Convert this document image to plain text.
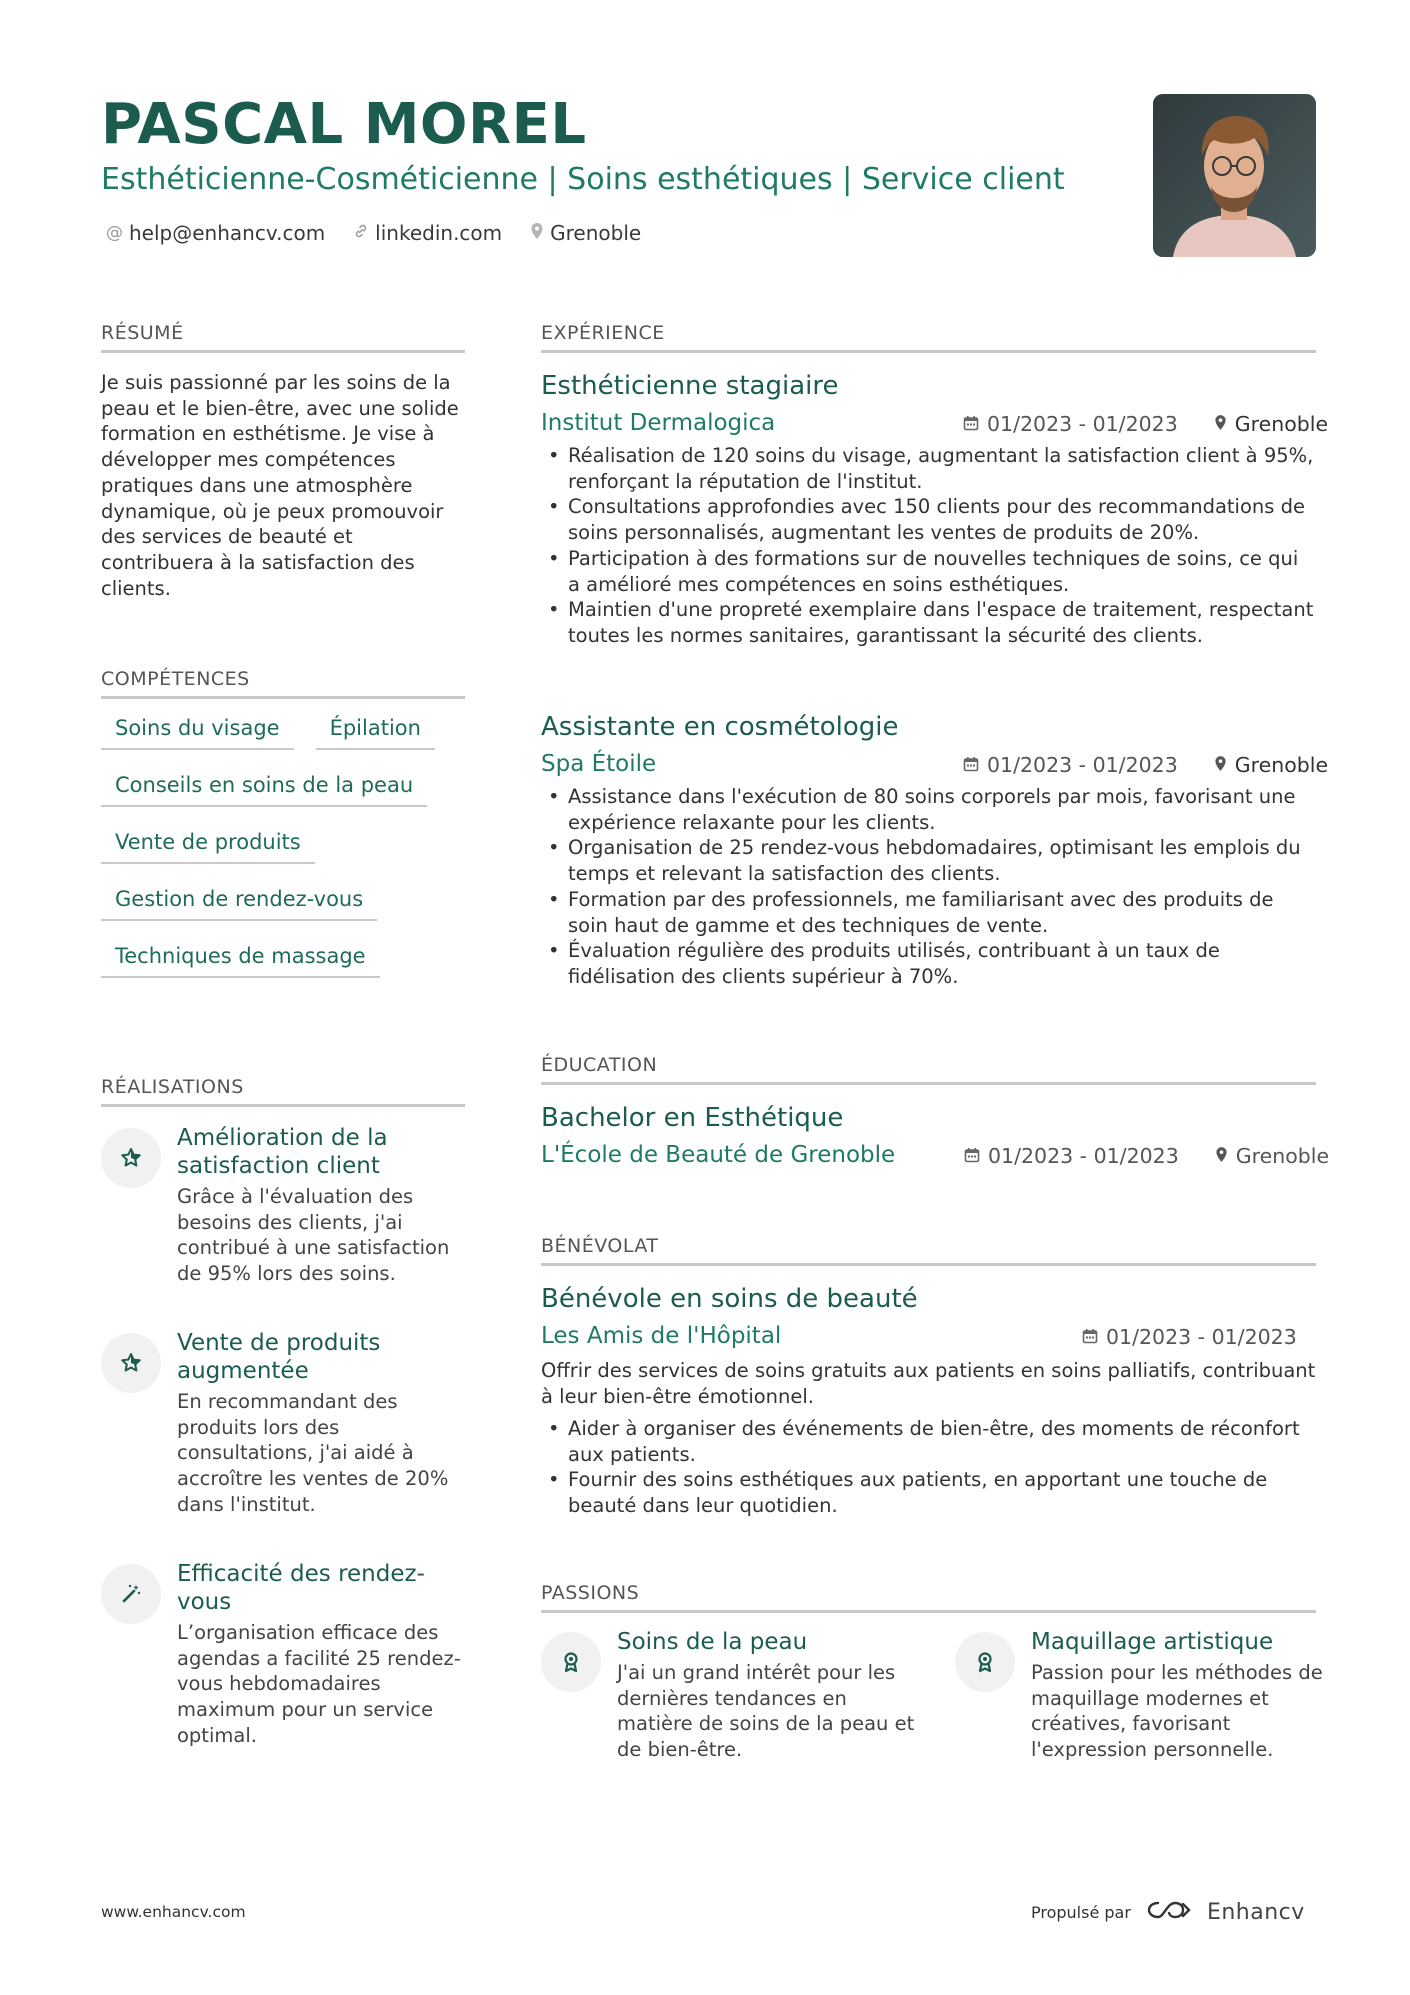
PASCAL MOREL
Esthéticienne-Cosméticienne | Soins esthétiques | Service client
@ help@enhancv.com	linkedin.com Grenoble
RÉSUMÉ
Je suis passionné par les soins de la peau et le bien-être, avec une solide formation en esthétisme. Je vise à développer mes compétences pratiques dans une atmosphère dynamique, où je peux promouvoir des services de beauté et contribuera à la satisfaction des clients.
COMPÉTENCES
Soins du visage	Épilation
Conseils en soins de la peau
Vente de produits
Gestion de rendez-vous
Techniques de massage
RÉALISATIONS
Amélioration de la satisfaction client
Grâce à l'évaluation des besoins des clients, j'ai contribué à une satisfaction de 95% lors des soins.
Vente de produits augmentée
En recommandant des produits lors des consultations, j'ai aidé à accroître les ventes de 20% dans l'institut.
Efficacité des rendez-vous
L’organisation efficace des agendas a facilité 25 rendez-vous hebdomadaires maximum pour un service optimal.
EXPÉRIENCE
Esthéticienne stagiaire
Institut Dermalogica	01/2023 - 01/2023	Grenoble
• Réalisation de 120 soins du visage, augmentant la satisfaction client à 95%, renforçant la réputation de l'institut.
• Consultations approfondies avec 150 clients pour des recommandations de soins personnalisés, augmentant les ventes de produits de 20%.
• Participation à des formations sur de nouvelles techniques de soins, ce qui a amélioré mes compétences en soins esthétiques.
• Maintien d'une propreté exemplaire dans l'espace de traitement, respectant toutes les normes sanitaires, garantissant la sécurité des clients.
Assistante en cosmétologie
Spa Étoile	01/2023 - 01/2023	Grenoble
• Assistance dans l'exécution de 80 soins corporels par mois, favorisant une expérience relaxante pour les clients.
• Organisation de 25 rendez-vous hebdomadaires, optimisant les emplois du temps et relevant la satisfaction des clients.
• Formation par des professionnels, me familiarisant avec des produits de soin haut de gamme et des techniques de vente.
• Évaluation régulière des produits utilisés, contribuant à un taux de fidélisation des clients supérieur à 70%.
ÉDUCATION
Bachelor en Esthétique
L'École de Beauté de Grenoble	01/2023 - 01/2023	Grenoble
BÉNÉVOLAT
Bénévole en soins de beauté
Les Amis de l'Hôpital	01/2023 - 01/2023
Offrir des services de soins gratuits aux patients en soins palliatifs, contribuant à leur bien-être émotionnel.
• Aider à organiser des événements de bien-être, des moments de réconfort aux patients.
• Fournir des soins esthétiques aux patients, en apportant une touche de beauté dans leur quotidien.
PASSIONS
Soins de la peau
J'ai un grand intérêt pour les dernières tendances en matière de soins de la peau et de bien-être.
Maquillage artistique
Passion pour les méthodes de maquillage modernes et créatives, favorisant l'expression personnelle.
www.enhancv.com	Propulsé par	Enhancv
